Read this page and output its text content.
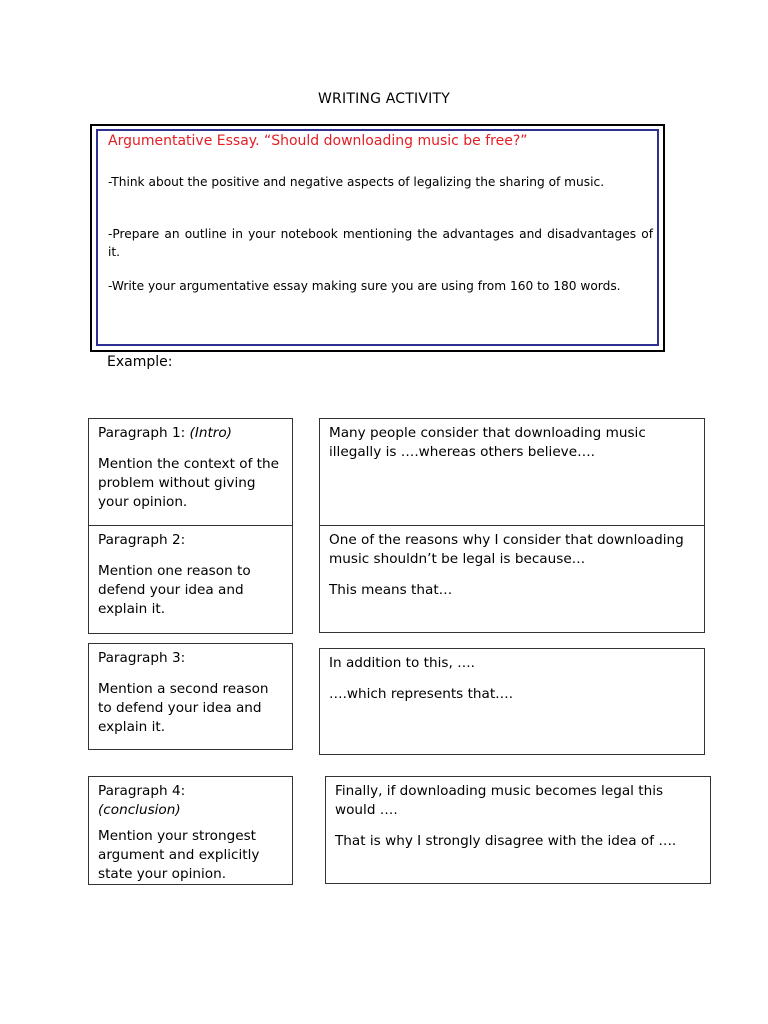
WRITING ACTIVITY
Argumentative Essay. “Should downloading music be free?”
-Think about the positive and negative aspects of legalizing the sharing of music.
-Prepare an outline in your notebook mentioning the advantages and disadvantages of it.
-Write your argumentative essay making sure you are using from 160 to 180 words.
Example:

Paragraph 1: (Intro)

Mention the context of the problem without giving your opinion.

Many people consider that downloading music illegally is ….whereas others believe….

Paragraph 2:

Mention one reason to defend your idea and explain it.

One of the reasons why I consider that downloading music shouldn’t be legal is because…

This means that…

Paragraph 3:

Mention a second reason to defend your idea and explain it.

In addition to this, ….

….which represents that….

Paragraph 4:
(conclusion)

Mention your strongest argument and explicitly state your opinion.

Finally, if downloading music becomes legal this would ….

That is why I strongly disagree with the idea of ….
